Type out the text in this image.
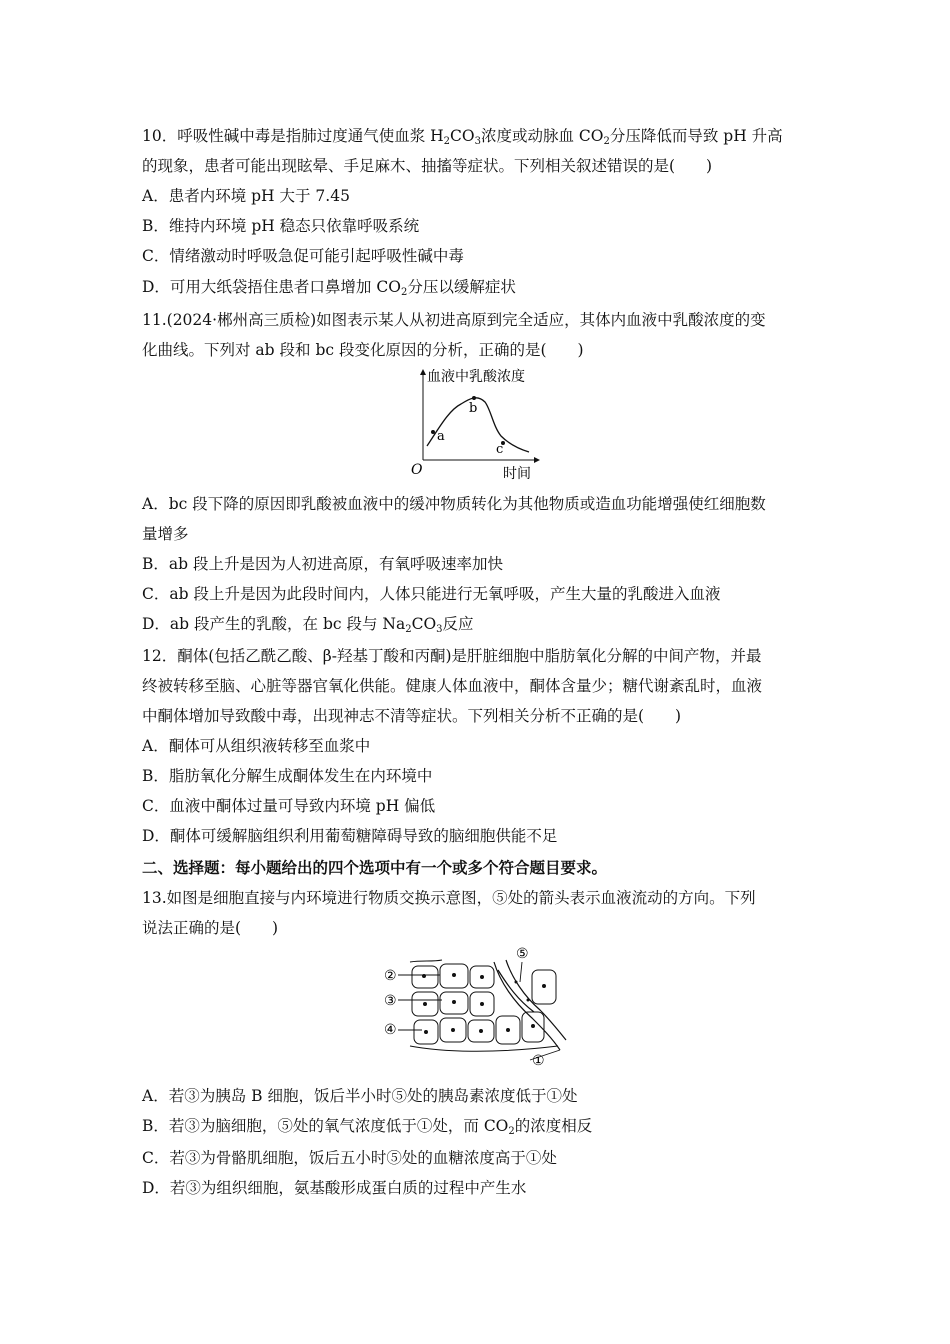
10．呼吸性碱中毒是指肺过度通气使血浆 $H_2CO_3$浓度或动脉血 $CO_2$分压降低而导致 pH 升高
的现象，患者可能出现眩晕、手足麻木、抽搐等症状。下列相关叙述错误的是(　　)
A．患者内环境 pH 大于 7.45
B．维持内环境 pH 稳态只依靠呼吸系统
C．情绪激动时呼吸急促可能引起呼吸性碱中毒
D．可用大纸袋捂住患者口鼻增加 $CO_2$分压以缓解症状
11.(2024·郴州高三质检)如图表示某人从初进高原到完全适应，其体内血液中乳酸浓度的变
化曲线。下列对 ab 段和 bc 段变化原因的分析，正确的是(　　)
血液中乳酸浓度
时间
O
a
b
c
A．bc 段下降的原因即乳酸被血液中的缓冲物质转化为其他物质或造血功能增强使红细胞数
量增多
B．ab 段上升是因为人初进高原，有氧呼吸速率加快
C．ab 段上升是因为此段时间内，人体只能进行无氧呼吸，产生大量的乳酸进入血液
D．ab 段产生的乳酸，在 bc 段与 $Na_2CO_3$反应
12．酮体(包括乙酰乙酸、β-羟基丁酸和丙酮)是肝脏细胞中脂肪氧化分解的中间产物，并最
终被转移至脑、心脏等器官氧化供能。健康人体血液中，酮体含量少；糖代谢紊乱时，血液
中酮体增加导致酸中毒，出现神志不清等症状。下列相关分析不正确的是(　　)
A．酮体可从组织液转移至血浆中
B．脂肪氧化分解生成酮体发生在内环境中
C．血液中酮体过量可导致内环境 pH 偏低
D．酮体可缓解脑组织利用葡萄糖障碍导致的脑细胞供能不足
二、选择题：每小题给出的四个选项中有一个或多个符合题目要求。
13.如图是细胞直接与内环境进行物质交换示意图，⑤处的箭头表示血液流动的方向。下列
说法正确的是(　　)
②
③
④
⑤
①
A．若③为胰岛 B 细胞，饭后半小时⑤处的胰岛素浓度低于①处
B．若③为脑细胞，⑤处的氧气浓度低于①处，而 $CO_2$的浓度相反
C．若③为骨骼肌细胞，饭后五小时⑤处的血糖浓度高于①处
D．若③为组织细胞，氨基酸形成蛋白质的过程中产生水
